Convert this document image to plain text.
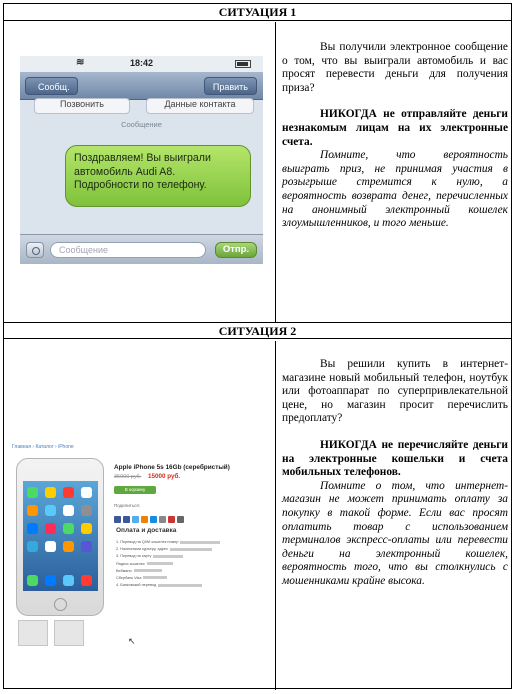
СИТУАЦИЯ 1
≋	18:42
Сообщ.	Править
Позвонить	Данные контакта
Сообщение
Поздравляем! Вы выиграли автомобиль Audi A8. Подробности по телефону.
Сообщение	Отпр.

Вы получили электронное сообщение о том, что вы выиграли автомобиль и вас просят перевести деньги для получения приза?

НИКОГДА не отправляйте деньги незнакомым лицам на их электронные счета.

Помните, что вероятность выиграть приз, не принимая участия в розыгрыше стремится к нулю, а вероятность возврата денег, перечисленных на анонимный электронный кошелек злоумышленников, и того меньше.

СИТУАЦИЯ 2
Главная › Каталог › iPhone
Apple iPhone 5s 16Gb (серебристый)
35000 руб. 15000 руб.
В корзину
Поделиться:
Оплата и доставка
1. Перевод на QIWI кошелек номер
2. Наличными курьеру, адрес
3. Перевод на карту
Яндекс кошелек
Вебмани
Сбербанк Visa
4. Банковский перевод
↖

Вы решили купить в интернет-магазине новый мобильный телефон, ноутбук или фотоаппарат по суперпривлекательной цене, но магазин просит перечислить предоплату?

НИКОГДА не перечисляйте деньги на электронные кошельки и счета мобильных телефонов.

Помните о том, что интернет-магазин не может принимать оплату за покупку в такой форме. Если вас просят оплатить товар с использованием терминалов экспресс-оплаты или перевести деньги на электронный кошелек, вероятность того, что вы столкнулись с мошенниками крайне высока.
